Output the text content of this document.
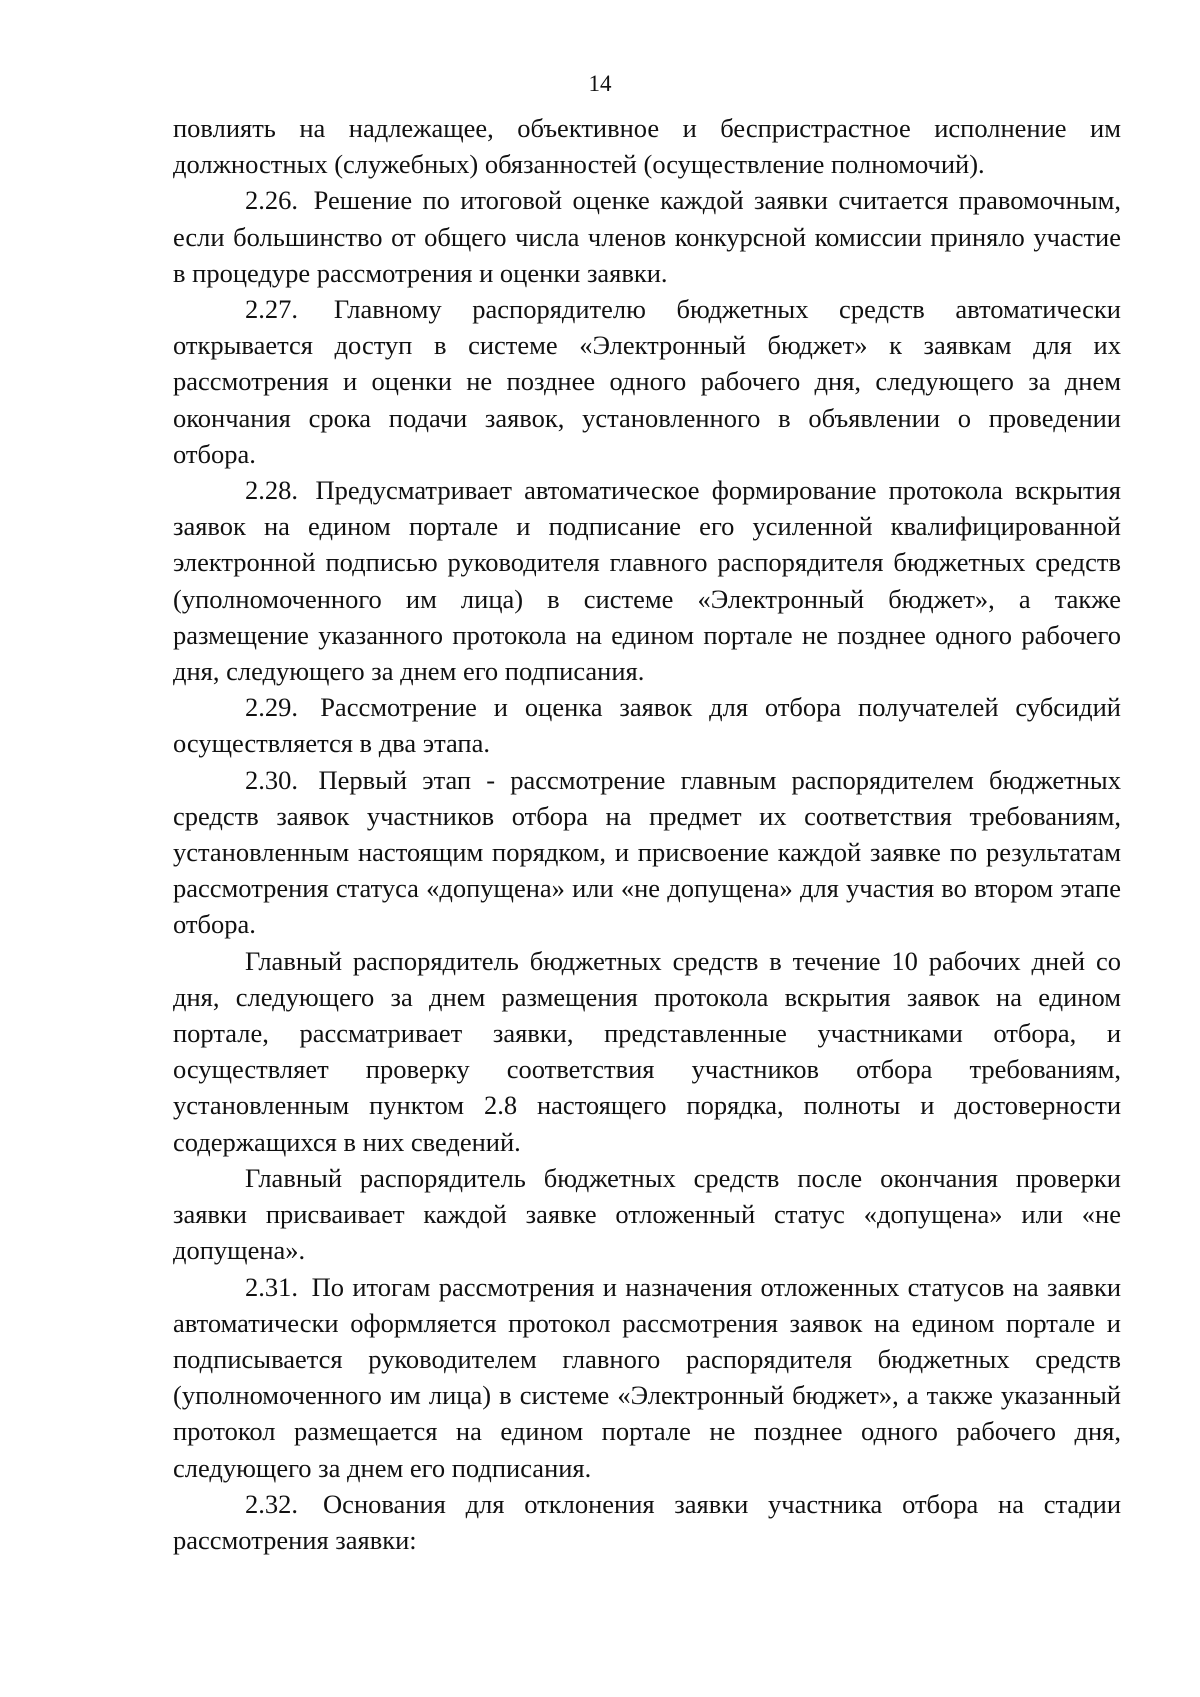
14

повлиять на надлежащее, объективное и беспристрастное исполнение им должностных (служебных) обязанностей (осуществление полномочий).

2.26. Решение по итоговой оценке каждой заявки считается правомочным, если большинство от общего числа членов конкурсной комиссии приняло участие в процедуре рассмотрения и оценки заявки.

2.27. Главному распорядителю бюджетных средств автоматически открывается доступ в системе «Электронный бюджет» к заявкам для их рассмотрения и оценки не позднее одного рабочего дня, следующего за днем окончания срока подачи заявок, установленного в объявлении о проведении отбора.

2.28. Предусматривает автоматическое формирование протокола вскрытия заявок на едином портале и подписание его усиленной квалифицированной электронной подписью руководителя главного распорядителя бюджетных средств (уполномоченного им лица) в системе «Электронный бюджет», а также размещение указанного протокола на едином портале не позднее одного рабочего дня, следующего за днем его подписания.

2.29. Рассмотрение и оценка заявок для отбора получателей субсидий осуществляется в два этапа.

2.30. Первый этап - рассмотрение главным распорядителем бюджетных средств заявок участников отбора на предмет их соответствия требованиям, установленным настоящим порядком, и присвоение каждой заявке по результатам рассмотрения статуса «допущена» или «не допущена» для участия во втором этапе отбора.

Главный распорядитель бюджетных средств в течение 10 рабочих дней со дня, следующего за днем размещения протокола вскрытия заявок на едином портале, рассматривает заявки, представленные участниками отбора, и осуществляет проверку соответствия участников отбора требованиям, установленным пунктом 2.8 настоящего порядка, полноты и достоверности содержащихся в них сведений.

Главный распорядитель бюджетных средств после окончания проверки заявки присваивает каждой заявке отложенный статус «допущена» или «не допущена».

2.31. По итогам рассмотрения и назначения отложенных статусов на заявки автоматически оформляется протокол рассмотрения заявок на едином портале и подписывается руководителем главного распорядителя бюджетных средств (уполномоченного им лица) в системе «Электронный бюджет», а также указанный протокол размещается на едином портале не позднее одного рабочего дня, следующего за днем его подписания.

2.32. Основания для отклонения заявки участника отбора на стадии рассмотрения заявки:
